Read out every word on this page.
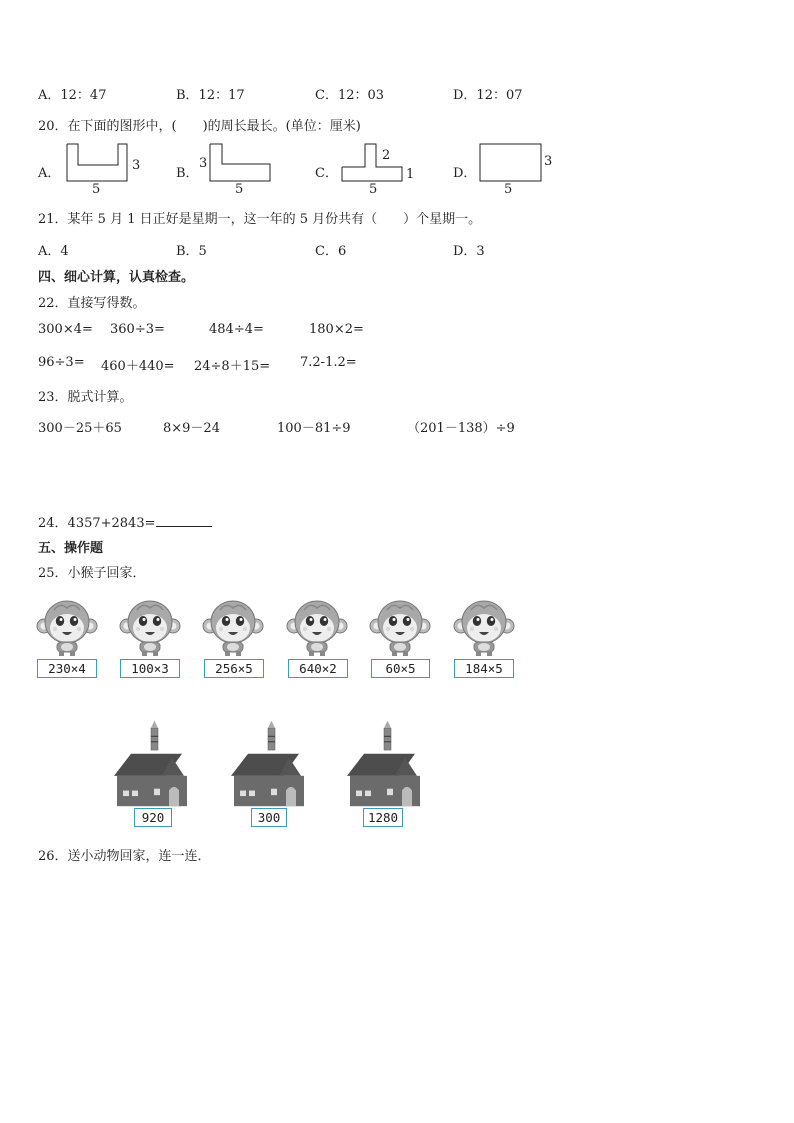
A．12：47	B．12：17	C．12：03	D．12：07
20．在下面的图形中，(　　)的周长最长。(单位：厘米)
A．
3
5
B．
3
5
C．
2
1
5
D．
3
5
21．某年 5 月 1 日正好是星期一，这一年的 5 月份共有（　　）个星期一。
A．4	B．5	C．6	D．3
四、细心计算，认真检查。
22．直接写得数。
300×4= 360÷3=	484÷4=	180×2=
96÷3= 460＋440= 24÷8＋15= 7.2-1.2=
23．脱式计算。
300－25＋65	8×9－24	100－81÷9	（201－138）÷9
24．4357+2843=
五、操作题
25．小猴子回家．
230×4	100×3	256×5	640×2	60×5	184×5
920	300	1280
26．送小动物回家，连一连．
